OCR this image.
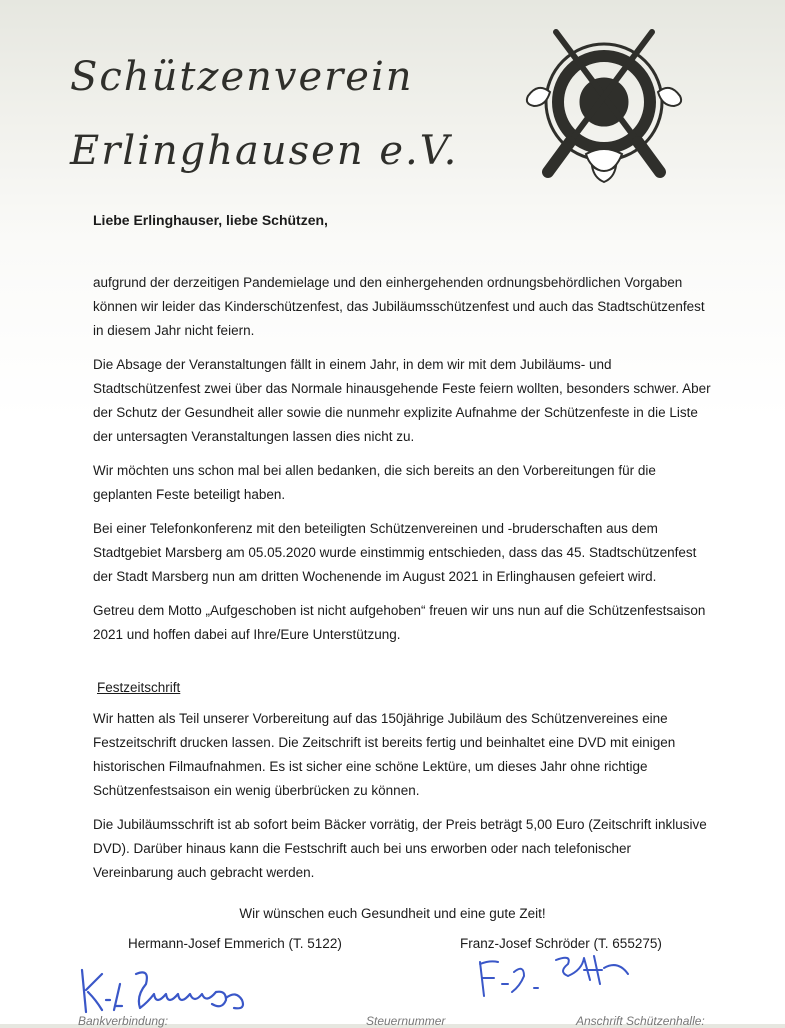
Schützenverein
Erlinghausen e.V.
Liebe Erlinghauser, liebe Schützen,

aufgrund der derzeitigen Pandemielage und den einhergehenden ordnungsbehördlichen Vorgaben können wir leider das Kinderschützenfest, das Jubiläumsschützenfest und auch das Stadtschützenfest in diesem Jahr nicht feiern.

Die Absage der Veranstaltungen fällt in einem Jahr, in dem wir mit dem Jubiläums- und Stadtschützenfest zwei über das Normale hinausgehende Feste feiern wollten, besonders schwer. Aber der Schutz der Gesundheit aller sowie die nunmehr explizite Aufnahme der Schützenfeste in die Liste der untersagten Veranstaltungen lassen dies nicht zu.

Wir möchten uns schon mal bei allen bedanken, die sich bereits an den Vorbereitungen für die geplanten Feste beteiligt haben.

Bei einer Telefonkonferenz mit den beteiligten Schützenvereinen und -bruderschaften aus dem Stadtgebiet Marsberg am 05.05.2020 wurde einstimmig entschieden, dass das 45. Stadtschützenfest der Stadt Marsberg nun am dritten Wochenende im August 2021 in Erlinghausen gefeiert wird.

Getreu dem Motto „Aufgeschoben ist nicht aufgehoben“ freuen wir uns nun auf die Schützenfestsaison 2021 und hoffen dabei auf Ihre/Eure Unterstützung.

Festzeitschrift

Wir hatten als Teil unserer Vorbereitung auf das 150jährige Jubiläum des Schützenvereines eine Festzeitschrift drucken lassen. Die Zeitschrift ist bereits fertig und beinhaltet eine DVD mit einigen historischen Filmaufnahmen. Es ist sicher eine schöne Lektüre, um dieses Jahr ohne richtige Schützenfestsaison ein wenig überbrücken zu können.

Die Jubiläumsschrift ist ab sofort beim Bäcker vorrätig, der Preis beträgt 5,00 Euro (Zeitschrift inklusive DVD). Darüber hinaus kann die Festschrift auch bei uns erworben oder nach telefonischer Vereinbarung auch gebracht werden.

Wir wünschen euch Gesundheit und eine gute Zeit!
Hermann-Josef Emmerich (T. 5122)	Franz-Josef Schröder (T. 655275)
Bankverbindung:	Steuernummer	Anschrift Schützenhalle:
